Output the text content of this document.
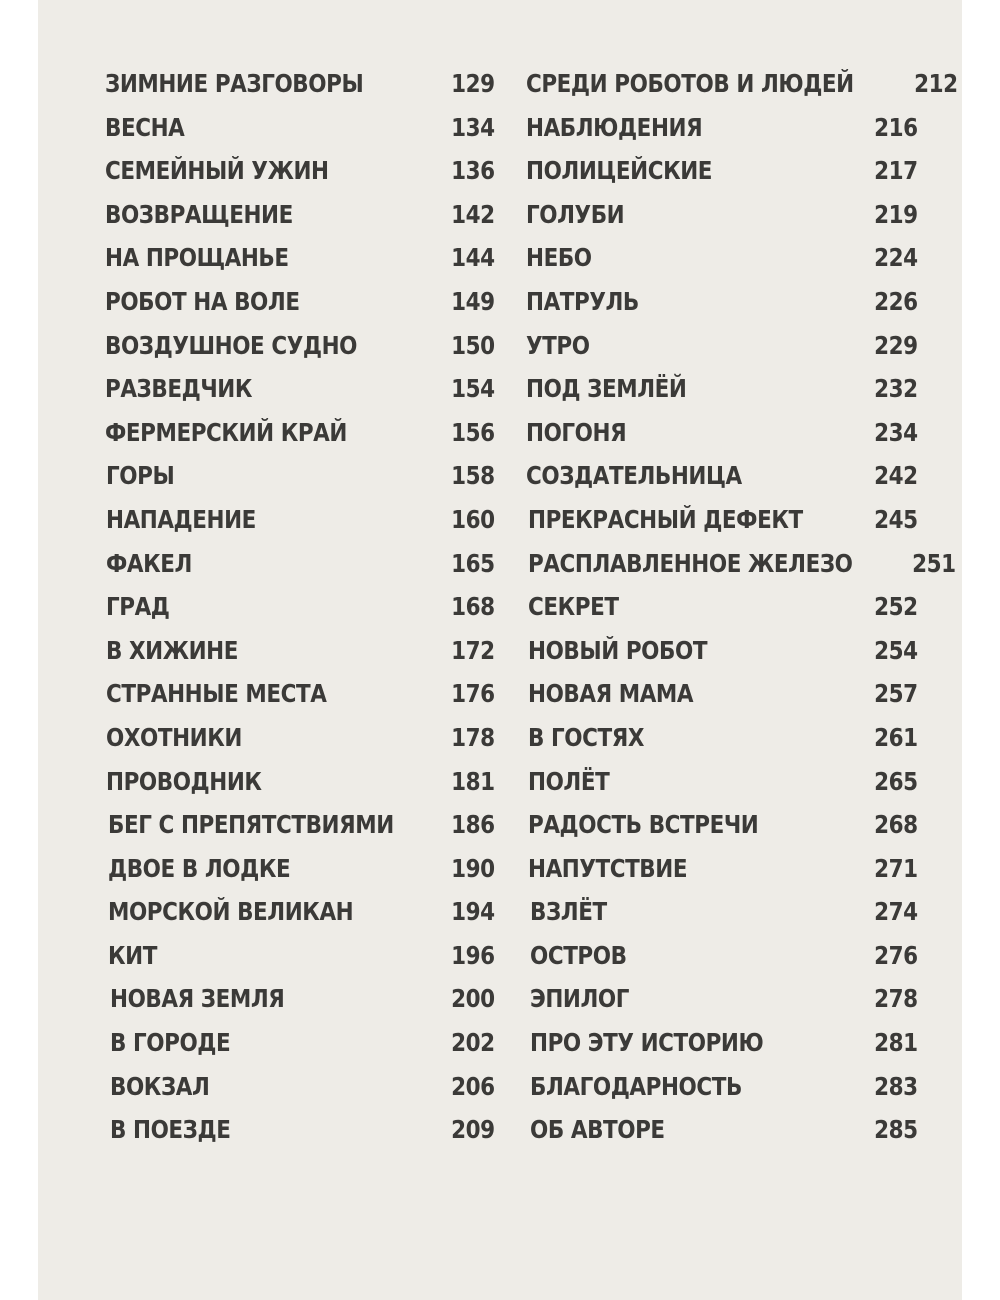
ЗИМНИЕ РАЗГОВОРЫ	129
ВЕСНА	134
СЕМЕЙНЫЙ УЖИН	136
ВОЗВРАЩЕНИЕ	142
НА ПРОЩАНЬЕ	144
РОБОТ НА ВОЛЕ	149
ВОЗДУШНОЕ СУДНО	150
РАЗВЕДЧИК	154
ФЕРМЕРСКИЙ КРАЙ	156
ГОРЫ	158
НАПАДЕНИЕ	160
ФАКЕЛ	165
ГРАД	168
В ХИЖИНЕ	172
СТРАННЫЕ МЕСТА	176
ОХОТНИКИ	178
ПРОВОДНИК	181
БЕГ С ПРЕПЯТСТВИЯМИ 186
ДВОЕ В ЛОДКЕ	190
МОРСКОЙ ВЕЛИКАН	194
КИТ	196
НОВАЯ ЗЕМЛЯ	200
В ГОРОДЕ	202
ВОКЗАЛ	206
В ПОЕЗДЕ	209
СРЕДИ РОБОТОВ И ЛЮДЕЙ 212
НАБЛЮДЕНИЯ	216
ПОЛИЦЕЙСКИЕ	217
ГОЛУБИ	219
НЕБО	224
ПАТРУЛЬ	226
УТРО	229
ПОД ЗЕМЛЁЙ	232
ПОГОНЯ	234
СОЗДАТЕЛЬНИЦА	242
ПРЕКРАСНЫЙ ДЕФЕКТ	245
РАСПЛАВЛЕННОЕ ЖЕЛЕЗО 251
СЕКРЕТ	252
НОВЫЙ РОБОТ	254
НОВАЯ МАМА	257
В ГОСТЯХ	261
ПОЛЁТ	265
РАДОСТЬ ВСТРЕЧИ	268
НАПУТСТВИЕ	271
ВЗЛЁТ	274
ОСТРОВ	276
ЭПИЛОГ	278
ПРО ЭТУ ИСТОРИЮ	281
БЛАГОДАРНОСТЬ	283
ОБ АВТОРЕ	285
